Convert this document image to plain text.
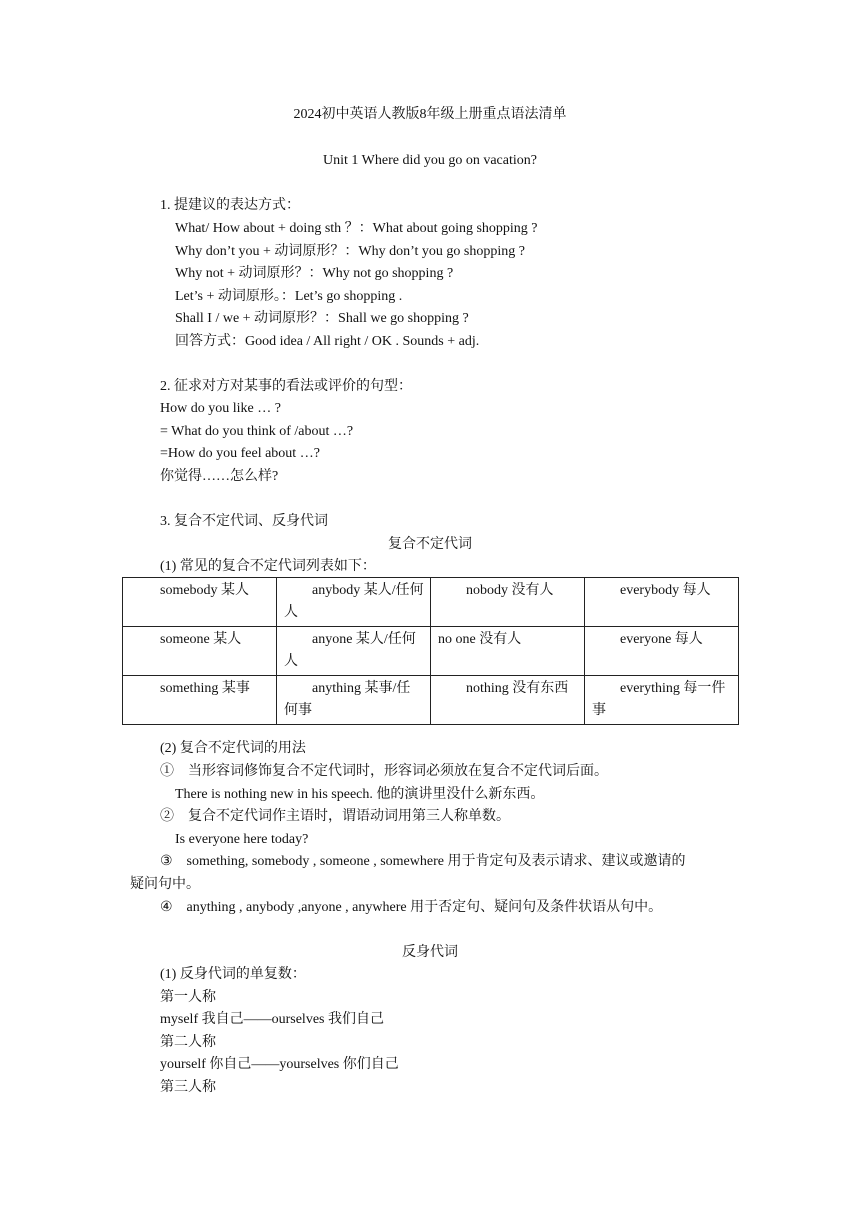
2024初中英语人教版8年级上册重点语法清单
Unit 1 Where did you go on vacation?
1. 提建议的表达方式：
What/ How about + doing sth ？：What about going shopping ?
Why don’t you + 动词原形？：Why don’t you go shopping ?
Why not + 动词原形？：Why not go shopping ?
Let’s + 动词原形。：Let’s go shopping .
Shall I / we + 动词原形？：Shall we go shopping ?
回答方式：Good idea / All right / OK . Sounds + adj.
2. 征求对方对某事的看法或评价的句型：
How do you like … ?
= What do you think of /about …?
=How do you feel about …?
你觉得……怎么样?
3. 复合不定代词、反身代词
复合不定代词
(1) 常见的复合不定代词列表如下：
somebody 某人	anybody 某人/任何人	nobody 没有人	everybody 每人
someone 某人	anyone 某人/任何人	no one 没有人	everyone 每人
something 某事	anything 某事/任何事	nothing 没有东西	everything 每一件事
(2) 复合不定代词的用法
①　当形容词修饰复合不定代词时，形容词必须放在复合不定代词后面。
There is nothing new in his speech. 他的演讲里没什么新东西。
②　复合不定代词作主语时，谓语动词用第三人称单数。
Is everyone here today?
③　something, somebody , someone , somewhere 用于肯定句及表示请求、建议或邀请的
疑问句中。
④　anything , anybody ,anyone , anywhere 用于否定句、疑问句及条件状语从句中。
反身代词
(1) 反身代词的单复数：
第一人称
myself 我自己——ourselves 我们自己
第二人称
yourself 你自己——yourselves 你们自己
第三人称
